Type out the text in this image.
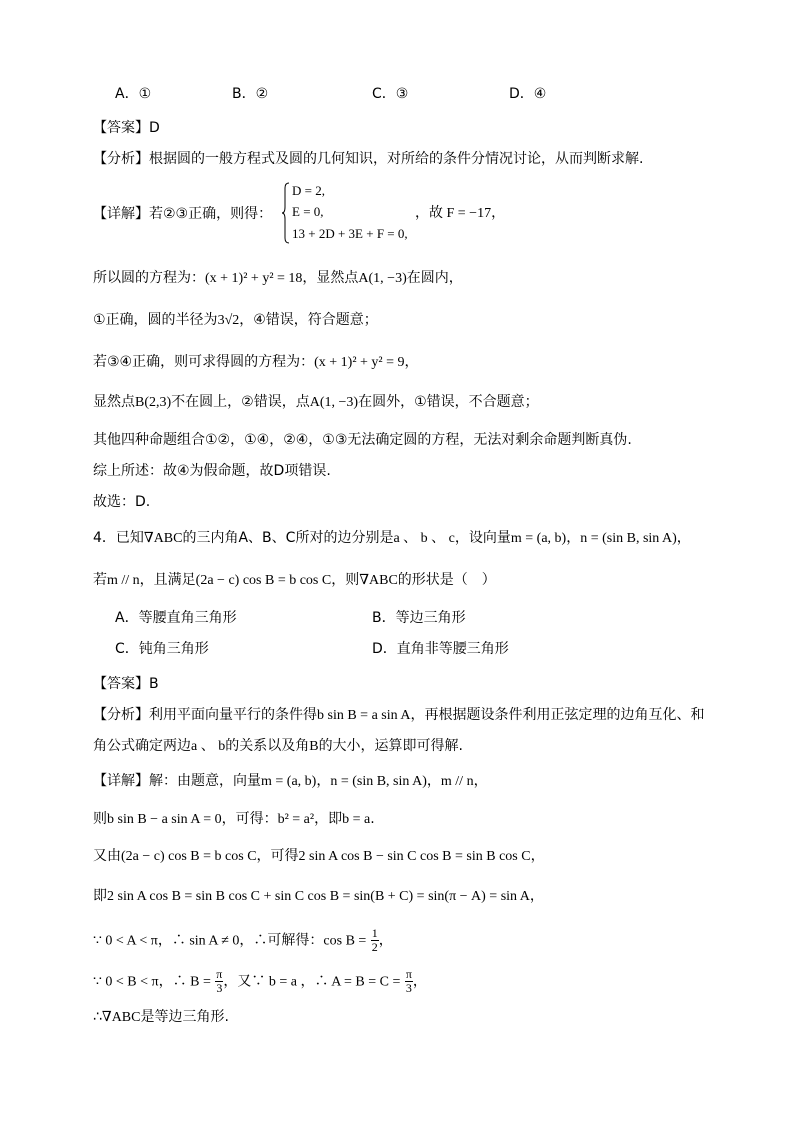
A．①	B．②	C．③	D．④
【答案】D
【分析】根据圆的一般方程式及圆的几何知识，对所给的条件分情况讨论，从而判断求解.
【详解】若②③正确，则得：
D = 2,
E = 0,
13 + 2D + 3E + F = 0,
，故 F = −17，
所以圆的方程为：(x + 1)² + y² = 18，显然点A(1, −3)在圆内，
①正确，圆的半径为3√2，④错误，符合题意；
若③④正确，则可求得圆的方程为：(x + 1)² + y² = 9，
显然点B(2,3)不在圆上，②错误，点A(1, −3)在圆外，①错误，不合题意；
其他四种命题组合①②，①④，②④，①③无法确定圆的方程，无法对剩余命题判断真伪.
综上所述：故④为假命题，故D项错误.
故选：D.
4．已知∇ABC的三内角A、B、C所对的边分别是a 、 b 、 c，设向量m = (a, b)，n = (sin B, sin A)，
若m // n，且满足(2a − c) cos B = b cos C，则∇ABC的形状是（　）
A．等腰直角三角形	B．等边三角形
C．钝角三角形	D．直角非等腰三角形
【答案】B
【分析】利用平面向量平行的条件得b sin B = a sin A，再根据题设条件利用正弦定理的边角互化、和
角公式确定两边a 、 b的关系以及角B的大小，运算即可得解.
【详解】解：由题意，向量m = (a, b)，n = (sin B, sin A)，m // n，
则b sin B − a sin A = 0，可得：b² = a²，即b = a.
又由(2a − c) cos B = b cos C，可得2 sin A cos B − sin C cos B = sin B cos C，
即2 sin A cos B = sin B cos C + sin C cos B = sin(B + C) = sin(π − A) = sin A，
∵ 0 < A < π，∴ sin A ≠ 0，∴可解得：$\cos B = \frac{1}{2}$ ，
∵ 0 < B < π，∴ $B = \frac{\pi}{3}$ ，又∵ b = a ，∴ $A = B = C = \frac{\pi}{3}$ ，
∴∇ABC是等边三角形.
